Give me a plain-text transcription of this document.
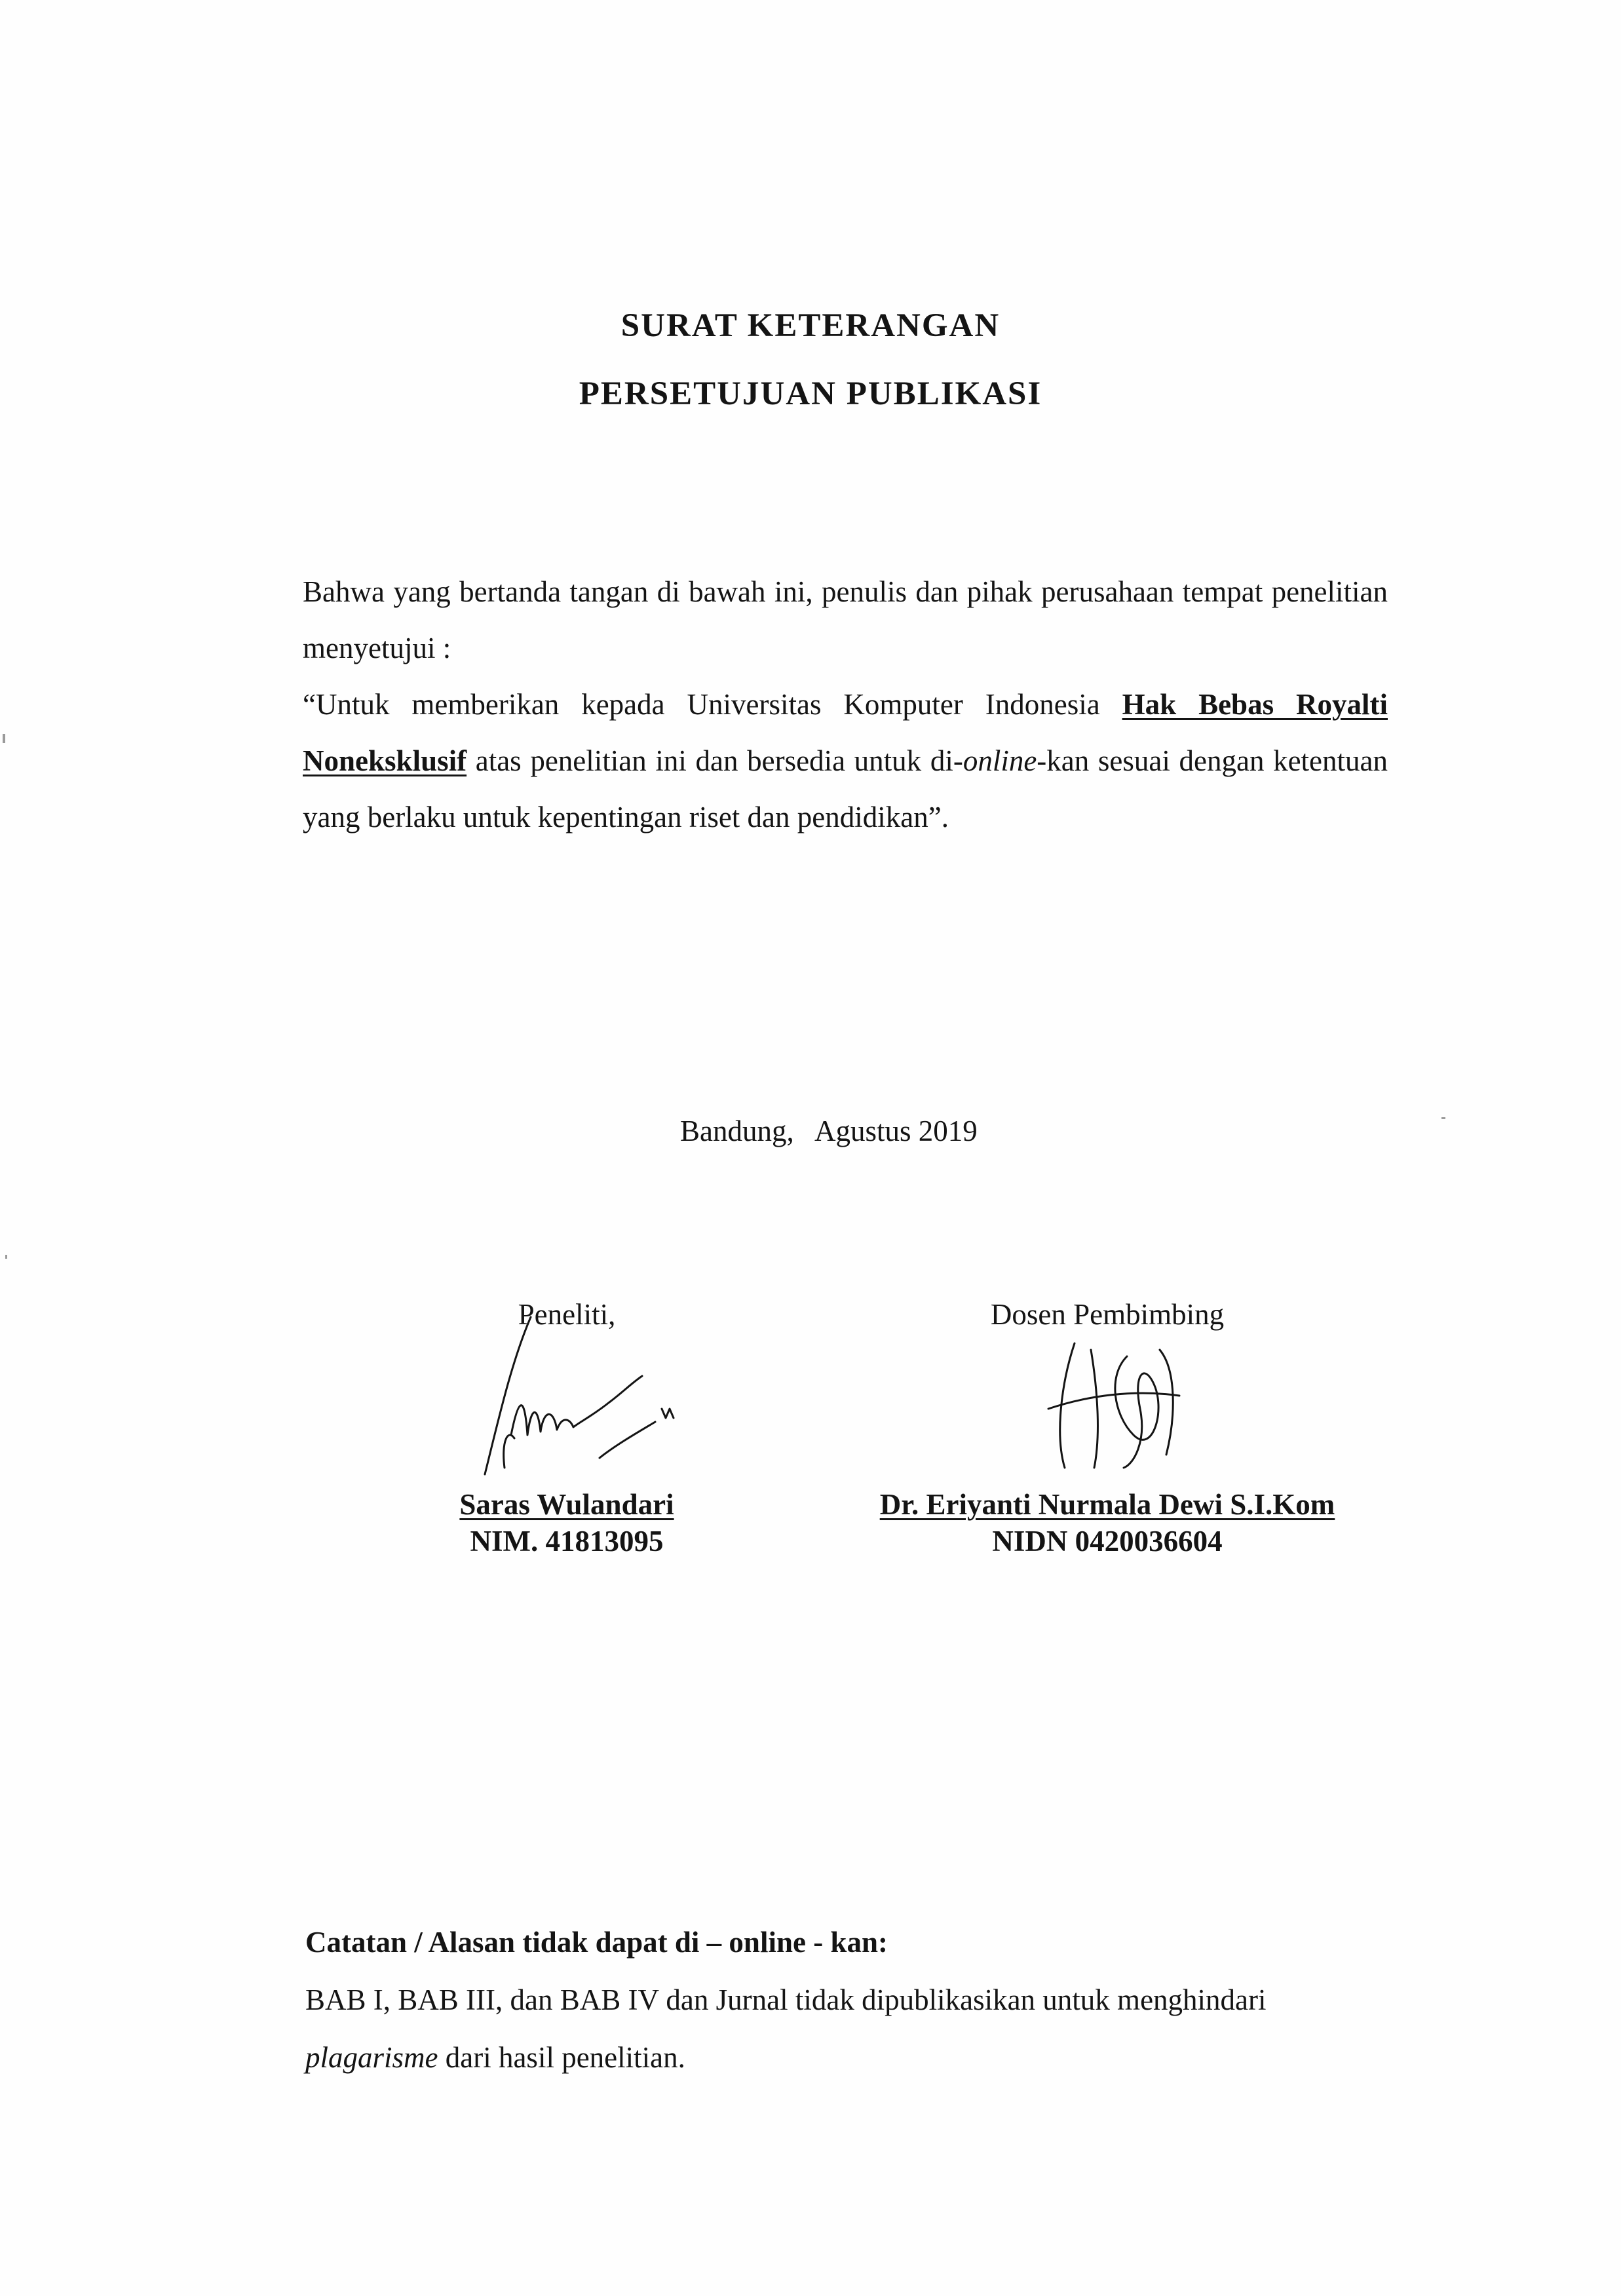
SURAT KETERANGAN
PERSETUJUAN PUBLIKASI

Bahwa yang bertanda tangan di bawah ini, penulis dan pihak perusahaan tempat penelitian menyetujui :

“Untuk memberikan kepada Universitas Komputer Indonesia Hak Bebas Royalti Noneksklusif atas penelitian ini dan bersedia untuk di-online-kan sesuai dengan ketentuan yang berlaku untuk kepentingan riset dan pendidikan”.

Bandung,   Agustus 2019
Peneliti,
Saras Wulandari
NIM. 41813095
Dosen Pembimbing
Dr. Eriyanti Nurmala Dewi S.I.Kom
NIDN 0420036604

Catatan / Alasan tidak dapat di – online - kan:

BAB I, BAB III, dan BAB IV dan Jurnal tidak dipublikasikan untuk menghindari plagarisme dari hasil penelitian.
